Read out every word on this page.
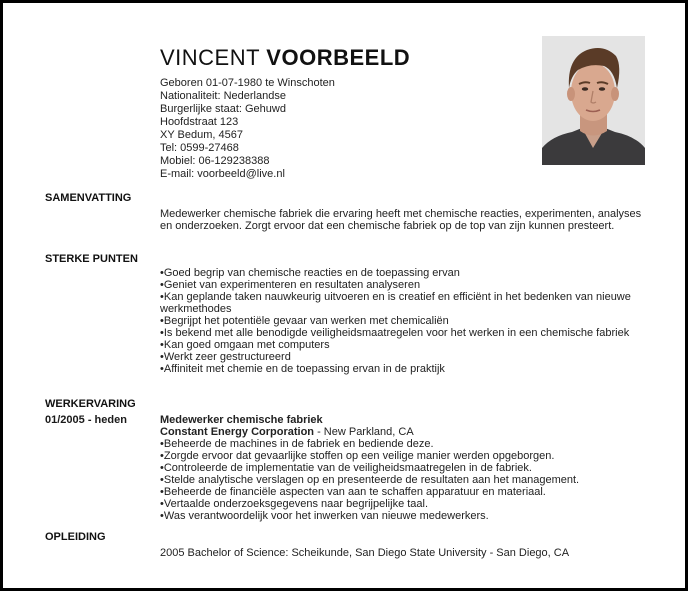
VINCENT VOORBEELD
Geboren 01-07-1980 te Winschoten
Nationaliteit: Nederlandse
Burgerlijke staat: Gehuwd
Hoofdstraat 123
XY Bedum, 4567
Tel: 0599-27468
Mobiel: 06-129238388
E-mail: voorbeeld@live.nl
SAMENVATTING

Medewerker chemische fabriek die ervaring heeft met chemische reacties, experimenten, analyses en onderzoeken. Zorgt ervoor dat een chemische fabriek op de top van zijn kunnen presteert.

STERKE PUNTEN
• Goed begrip van chemische reacties en de toepassing ervan
• Geniet van experimenteren en resultaten analyseren
• Kan geplande taken nauwkeurig uitvoeren en is creatief en efficiënt in het bedenken van nieuwe werkmethodes
• Begrijpt het potentiële gevaar van werken met chemicaliën
• Is bekend met alle benodigde veiligheidsmaatregelen voor het werken in een chemische fabriek
• Kan goed omgaan met computers
• Werkt zeer gestructureerd
• Affiniteit met chemie en de toepassing ervan in de praktijk
WERKERVARING
01/2005 - heden	Medewerker chemische fabriek
Constant Energy Corporation - New Parkland, CA
• Beheerde de machines in de fabriek en bediende deze.
• Zorgde ervoor dat gevaarlijke stoffen op een veilige manier werden opgeborgen.
• Controleerde de implementatie van de veiligheidsmaatregelen in de fabriek.
• Stelde analytische verslagen op en presenteerde de resultaten aan het management.
• Beheerde de financiële aspecten van aan te schaffen apparatuur en materiaal.
• Vertaalde onderzoeksgegevens naar begrijpelijke taal.
• Was verantwoordelijk voor het inwerken van nieuwe medewerkers.
OPLEIDING

2005 Bachelor of Science: Scheikunde, San Diego State University - San Diego, CA
